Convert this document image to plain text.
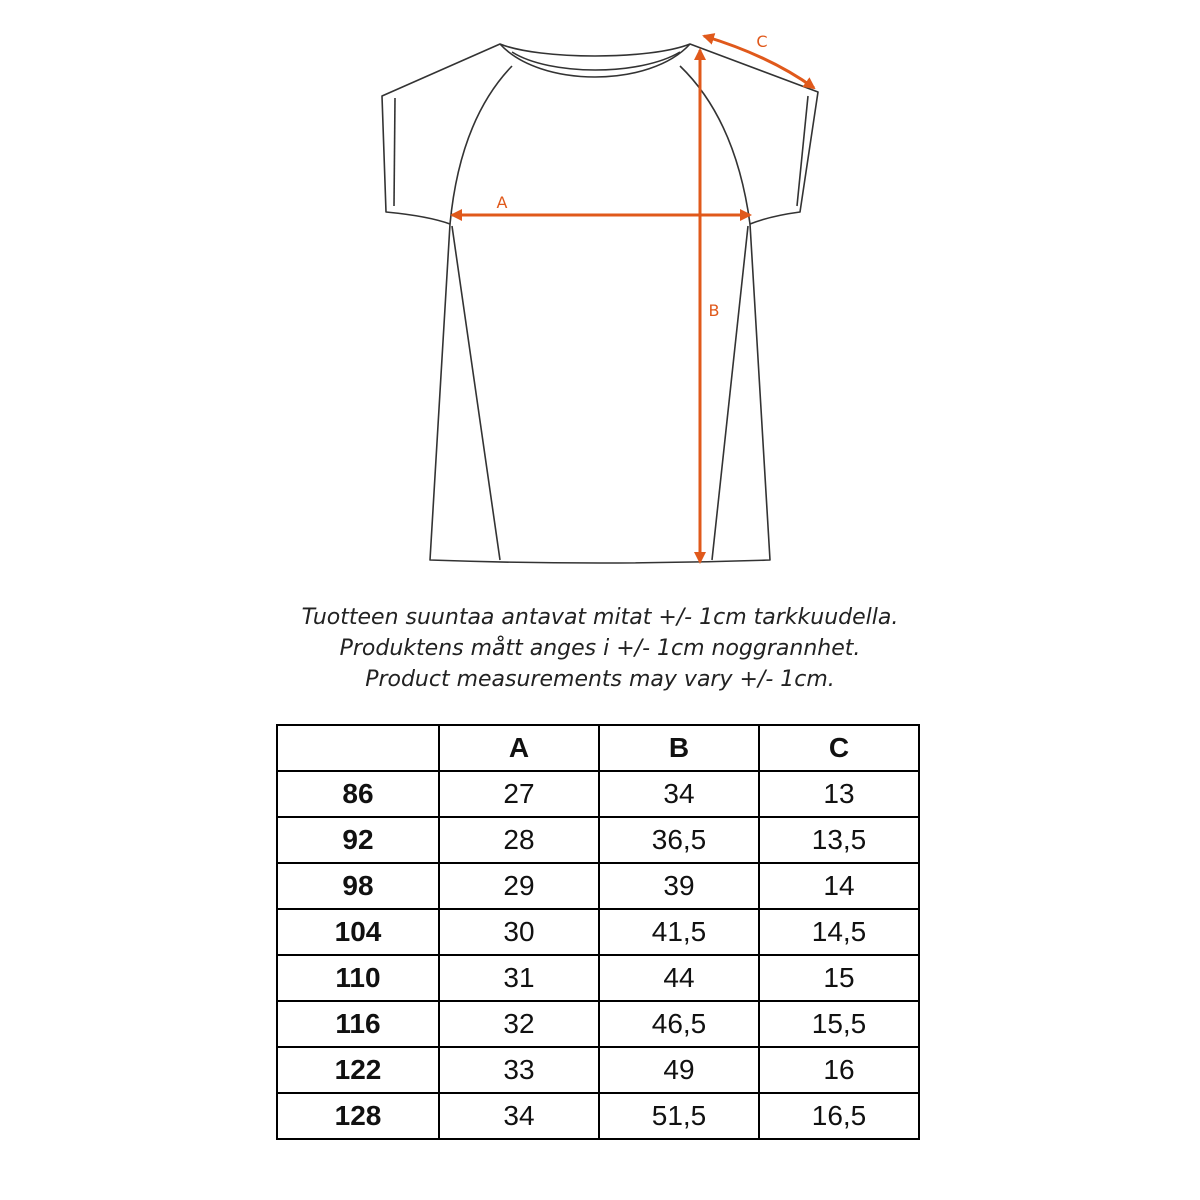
A
B
C
Tuotteen suuntaa antavat mitat +/- 1cm tarkkuudella.
Produktens mått anges i +/- 1cm noggrannhet.
Product measurements may vary +/- 1cm.
	A	B	C
86	27	34	13
92	28	36,5	13,5
98	29	39	14
104	30	41,5	14,5
110	31	44	15
116	32	46,5	15,5
122	33	49	16
128	34	51,5	16,5
